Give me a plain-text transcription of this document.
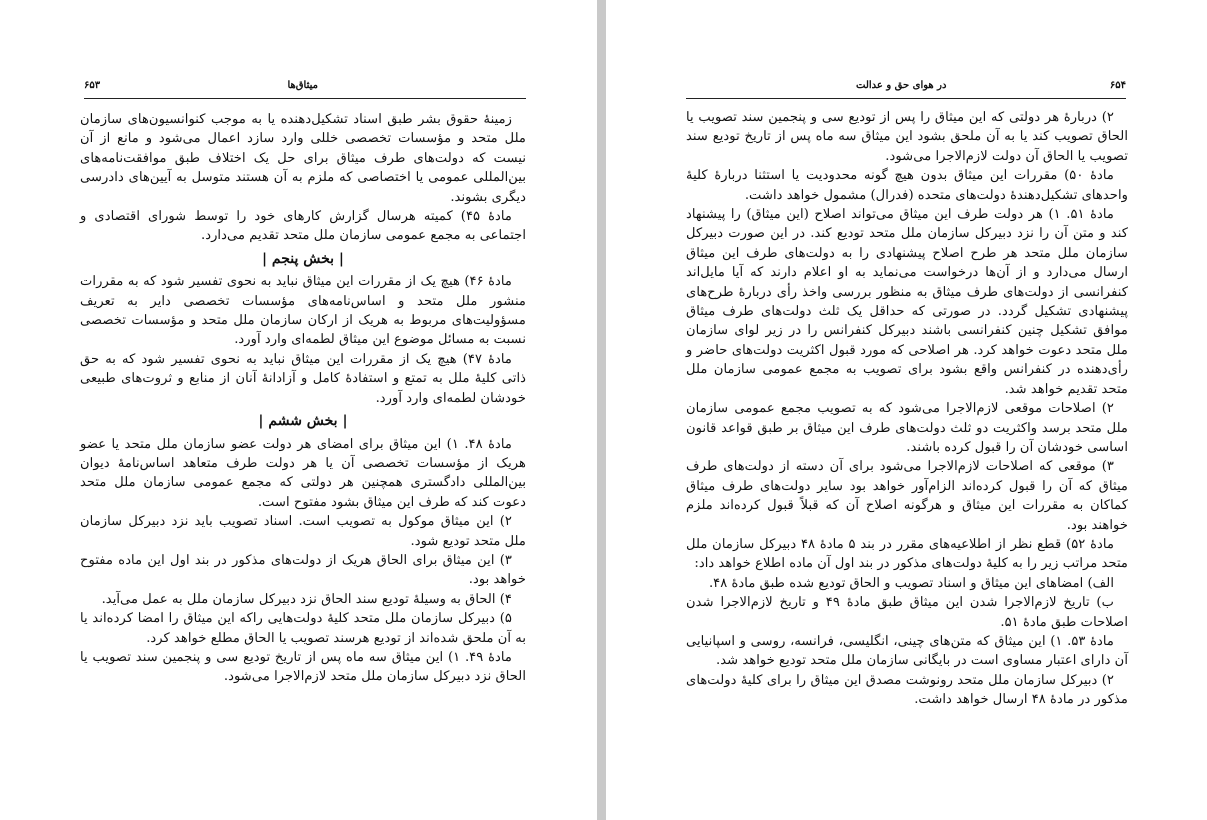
۶۵۳	میثاق‌ها

زمینهٔ حقوق بشر طبق اسناد تشکیل‌دهنده یا به موجب کنوانسیون‌های سازمان ملل متحد و مؤسسات تخصصی خللی وارد سازد اعمال می‌شود و مانع از آن نیست که دولت‌های طرف میثاق برای حل یک اختلاف طبق موافقت‌نامه‌های بین‌المللی عمومی یا اختصاصی که ملزم به آن هستند متوسل به آیین‌های دادرسی دیگری بشوند.

مادهٔ ۴۵) کمیته هرسال گزارش کارهای خود را توسط شورای اقتصادی و اجتماعی به مجمع عمومی سازمان ملل متحد تقدیم می‌دارد.

| بخش پنجم |

مادهٔ ۴۶) هیچ یک از مقررات این میثاق نباید به نحوی تفسیر شود که به مقررات منشور ملل متحد و اساس‌نامه‌های مؤسسات تخصصی دایر به تعریف مسؤولیت‌های مربوط به هریک از ارکان سازمان ملل متحد و مؤسسات تخصصی نسبت به مسائل موضوع این میثاق لطمه‌ای وارد آورد.

مادهٔ ۴۷) هیچ یک از مقررات این میثاق نباید به نحوی تفسیر شود که به حق ذاتی کلیهٔ ملل به تمتع و استفادهٔ کامل و آزادانهٔ آنان از منابع و ثروت‌های طبیعی خودشان لطمه‌ای وارد آورد.

| بخش ششم |

مادهٔ ۴۸. ۱) این میثاق برای امضای هر دولت عضو سازمان ملل متحد یا عضو هریک از مؤسسات تخصصی آن یا هر دولت طرف متعاهد اساس‌نامهٔ دیوان بین‌المللی دادگستری همچنین هر دولتی که مجمع عمومی سازمان ملل متحد دعوت کند که طرف این میثاق بشود مفتوح است.

۲) این میثاق موکول به تصویب است. اسناد تصویب باید نزد دبیرکل سازمان ملل متحد تودیع شود.

۳) این میثاق برای الحاق هریک از دولت‌های مذکور در بند اول این ماده مفتوح خواهد بود.

۴) الحاق به وسیلهٔ تودیع سند الحاق نزد دبیرکل سازمان ملل به عمل می‌آید.

۵) دبیرکل سازمان ملل متحد کلیهٔ دولت‌هایی راکه این میثاق را امضا کرده‌اند یا به آن ملحق شده‌اند از تودیع هرسند تصویب یا الحاق مطلع خواهد کرد.

مادهٔ ۴۹. ۱) این میثاق سه ماه پس از تاریخ تودیع سی و پنجمین سند تصویب یا الحاق نزد دبیرکل سازمان ملل متحد لازم‌الاجرا می‌شود.

۶۵۴
در هوای حق و عدالت

۲) دربارهٔ هر دولتی که این میثاق را پس از تودیع سی و پنجمین سند تصویب یا الحاق تصویب کند یا به آن ملحق بشود این میثاق سه ماه پس از تاریخ تودیع سند تصویب یا الحاق آن دولت لازم‌الاجرا می‌شود.

مادهٔ ۵۰) مقررات این میثاق بدون هیچ گونه محدودیت یا استثنا دربارهٔ کلیهٔ واحدهای تشکیل‌دهندهٔ دولت‌های متحده (فدرال) مشمول خواهد داشت.

مادهٔ ۵۱. ۱) هر دولت طرف این میثاق می‌تواند اصلاح (این میثاق) را پیشنهاد کند و متن آن را نزد دبیرکل سازمان ملل متحد تودیع کند. در این صورت دبیرکل سازمان ملل متحد هر طرح اصلاح پیشنهادی را به دولت‌های طرف این میثاق ارسال می‌دارد و از آن‌ها درخواست می‌نماید به او اعلام دارند که آیا مایل‌اند کنفرانسی از دولت‌های طرف میثاق به منظور بررسی واخذ رأی دربارهٔ طرح‌های پیشنهادی تشکیل گردد. در صورتی که حداقل یک ثلث دولت‌های طرف میثاق موافق تشکیل چنین کنفرانسی باشند دبیرکل کنفرانس را در زیر لوای سازمان ملل متحد دعوت خواهد کرد. هر اصلاحی که مورد قبول اکثریت دولت‌های حاضر و رأی‌دهنده در کنفرانس واقع بشود برای تصویب به مجمع عمومی سازمان ملل متحد تقدیم خواهد شد.

۲) اصلاحات موقعی لازم‌الاجرا می‌شود که به تصویب مجمع عمومی سازمان ملل متحد برسد واکثریت دو ثلث دولت‌های طرف این میثاق بر طبق قواعد قانون اساسی خودشان آن را قبول کرده باشند.

۳) موقعی که اصلاحات لازم‌الاجرا می‌شود برای آن دسته از دولت‌های طرف میثاق که آن را قبول کرده‌اند الزام‌آور خواهد بود سایر دولت‌های طرف میثاق کماکان به مقررات این میثاق و هرگونه اصلاح آن که قبلاً قبول کرده‌اند ملزم خواهند بود.

مادهٔ ۵۲) قطع نظر از اطلاعیه‌های مقرر در بند ۵ مادهٔ ۴۸ دبیرکل سازمان ملل متحد مراتب زیر را به کلیهٔ دولت‌های مذکور در بند اول آن ماده اطلاع خواهد داد:

الف) امضاهای این میثاق و اسناد تصویب و الحاق تودیع شده طبق مادهٔ ۴۸.

ب) تاریخ لازم‌الاجرا شدن این میثاق طبق مادهٔ ۴۹ و تاریخ لازم‌الاجرا شدن اصلاحات طبق مادهٔ ۵۱.

مادهٔ ۵۳. ۱) این میثاق که متن‌های چینی، انگلیسی، فرانسه، روسی و اسپانیایی آن دارای اعتبار مساوی است در بایگانی سازمان ملل متحد تودیع خواهد شد.

۲) دبیرکل سازمان ملل متحد رونوشت مصدق این میثاق را برای کلیهٔ دولت‌های مذکور در مادهٔ ۴۸ ارسال خواهد داشت.
